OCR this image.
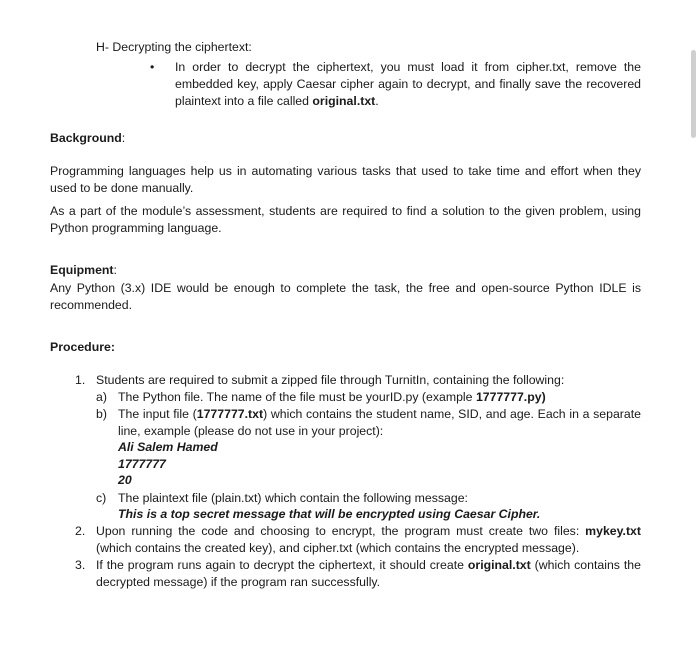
H- Decrypting the ciphertext:
• In order to decrypt the ciphertext, you must load it from cipher.txt, remove the embedded key, apply Caesar cipher again to decrypt, and finally save the recovered plaintext into a file called original.txt.
Background:
Programming languages help us in automating various tasks that used to take time and effort when they used to be done manually.
As a part of the module’s assessment, students are required to find a solution to the given problem, using Python programming language.
Equipment:
Any Python (3.x) IDE would be enough to complete the task, the free and open-source Python IDLE is recommended.
Procedure:
1. Students are required to submit a zipped file through TurnitIn, containing the following:
a) The Python file. The name of the file must be yourID.py (example 1777777.py)
b) The input file (1777777.txt) which contains the student name, SID, and age. Each in a separate line, example (please do not use in your project):
Ali Salem Hamed
1777777
20
c) The plaintext file (plain.txt) which contain the following message:
This is a top secret message that will be encrypted using Caesar Cipher.
2. Upon running the code and choosing to encrypt, the program must create two files: mykey.txt (which contains the created key), and cipher.txt (which contains the encrypted message).
3. If the program runs again to decrypt the ciphertext, it should create original.txt (which contains the decrypted message) if the program ran successfully.
